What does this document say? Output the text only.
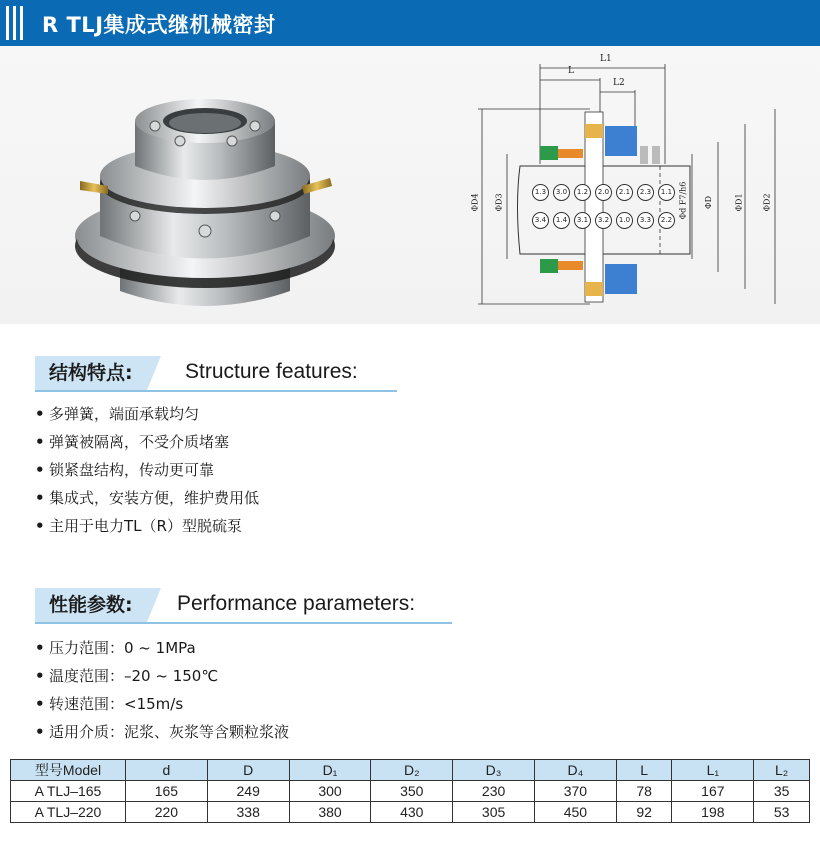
R TLJ集成式继机械密封
L1
L
L2
ΦD4 ΦD3	Φd F7/h6 ΦD	ΦD1 ΦD2
1.3	3.0	1.2	2.0	2.1	2.3	1.1
3.4	1.4	3.1	3.2	1.0	3.3	2.2
结构特点:	Structure features:
• 多弹簧，端面承载均匀
• 弹簧被隔离，不受介质堵塞
• 锁紧盘结构，传动更可靠
• 集成式，安装方便，维护费用低
• 主用于电力TL（R）型脱硫泵
性能参数:	Performance parameters:
• 压力范围：0 ~ 1MPa
• 温度范围：–20 ~ 150℃
• 转速范围：<15m/s
• 适用介质：泥浆、灰浆等含颗粒浆液
型号Model	d	D	D₁	D₂	D₃	D₄	L	L₁	L₂
A TLJ–165	165	249	300	350	230	370	78	167	35
A TLJ–220	220	338	380	430	305	450	92	198	53
